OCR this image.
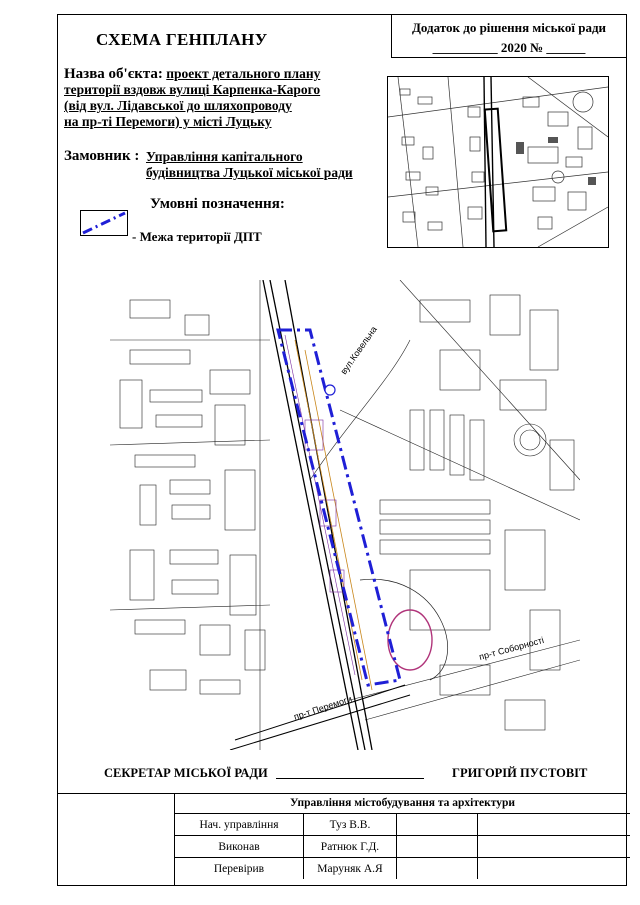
Додаток до рішення міської ради
__________ 2020 № ______
СХЕМА ГЕНПЛАНУ
Назва об'єкта: проект детального плану
території вздовж вулиці Карпенка-Карого
(від вул. Лідавської до шляхопроводу
на пр-ті Перемоги) у місті Луцьку
Замовник : Управління капітального
будівництва Луцької міської ради
Умовні позначення:
- Межа території ДПТ
вул.Ковельна
пр-т Соборності
пр-т Перемоги
СЕКРЕТАР МІСЬКОЇ РАДИ	ГРИГОРІЙ ПУСТОВІТ
Управління містобудування та архітектури			
Нач. управління	Туз В.В.		
Виконав	Ратнюк Г.Д.		
Перевірив	Маруняк А.Я		
